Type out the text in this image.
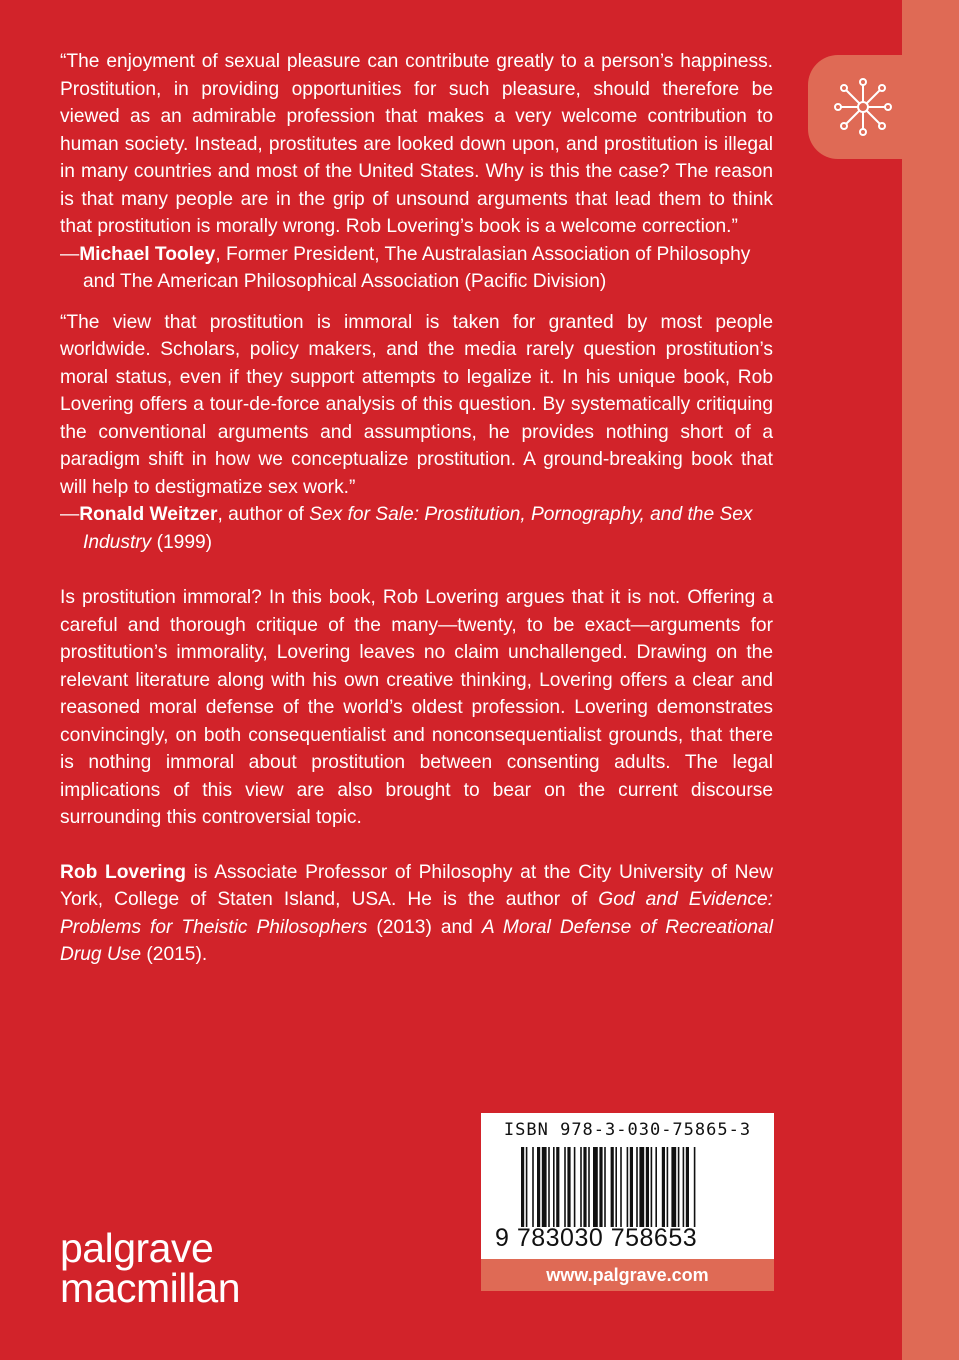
“The enjoyment of sexual pleasure can contribute greatly to a person’s happiness. Prostitution, in providing opportunities for such pleasure, should therefore be viewed as an admirable profession that makes a very welcome contribution to human society. Instead, prostitutes are looked down upon, and prostitution is illegal in many countries and most of the United States. Why is this the case? The reason is that many people are in the grip of unsound arguments that lead them to think that prostitution is morally wrong. Rob Lovering’s book is a welcome correction.”

—Michael Tooley, Former President, The Australasian Association of Philosophy and The American Philosophical Association (Pacific Division)

“The view that prostitution is immoral is taken for granted by most people worldwide. Scholars, policy makers, and the media rarely question prostitution’s moral status, even if they support attempts to legalize it. In his unique book, Rob Lovering offers a tour-de-force analysis of this question. By systematically critiquing the conventional arguments and assumptions, he provides nothing short of a paradigm shift in how we conceptualize prostitution. A ground-breaking book that will help to destigmatize sex work.”

—Ronald Weitzer, author of Sex for Sale: Prostitution, Pornography, and the Sex Industry (1999)

Is prostitution immoral? In this book, Rob Lovering argues that it is not. Offering a careful and thorough critique of the many—twenty, to be exact—arguments for prostitution’s immorality, Lovering leaves no claim unchallenged. Drawing on the relevant literature along with his own creative thinking, Lovering offers a clear and reasoned moral defense of the world’s oldest profession. Lovering demonstrates convincingly, on both consequentialist and nonconsequentialist grounds, that there is nothing immoral about prostitution between consenting adults. The legal implications of this view are also brought to bear on the current discourse surrounding this controversial topic.

Rob Lovering is Associate Professor of Philosophy at the City University of New York, College of Staten Island, USA. He is the author of God and Evidence: Problems for Theistic Philosophers (2013) and A Moral Defense of Recreational Drug Use (2015).

palgrave
macmillan
ISBN 978-3-030-75865-3
9 783030 758653
www.palgrave.com
